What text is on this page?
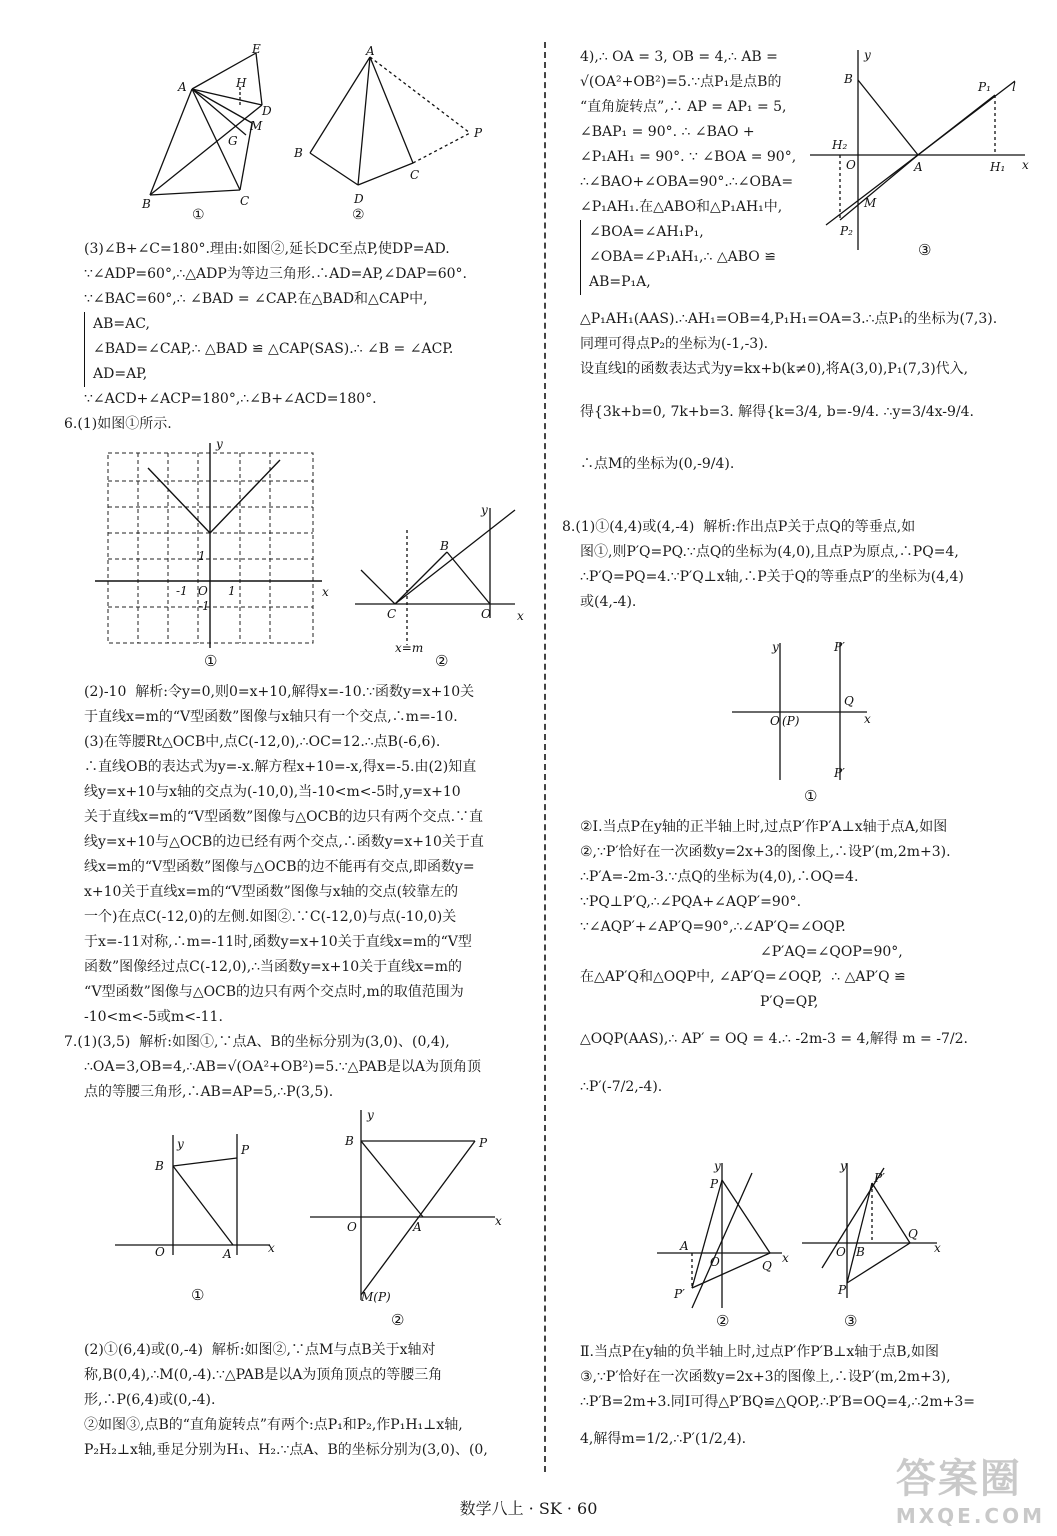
A
E
H
D
M
G
B	C
①
A
P
B
C
D
②

(3)∠B+∠C=180°.理由:如图②,延长DC至点P,使DP=AD.

∵∠ADP=60°,∴△ADP为等边三角形.∴AD=AP,∠DAP=60°.

∵∠BAC=60°,∴ ∠BAD = ∠CAP.在△BAD和△CAP中,

AB=AC,

∠BAD=∠CAP,∴ △BAD ≌ △CAP(SAS).∴ ∠B = ∠ACP.

AD=AP,

∵∠ACD+∠ACP=180°,∴∠B+∠ACD=180°.

6.(1)如图①所示.
y
x
O
-1	1
1
-1
①
y
B
C	O x
x=m
②

(2)-10  解析:令y=0,则0=x+10,解得x=-10.∵函数y=x+10关

于直线x=m的“V型函数”图像与x轴只有一个交点,∴m=-10.

(3)在等腰Rt△OCB中,点C(-12,0),∴OC=12.∴点B(-6,6).

∴直线OB的表达式为y=-x.解方程x+10=-x,得x=-5.由(2)知直

线y=x+10与x轴的交点为(-10,0),当-10<m<-5时,y=x+10

关于直线x=m的“V型函数”图像与△OCB的边只有两个交点.∵直

线y=x+10与△OCB的边已经有两个交点,∴函数y=x+10关于直

线x=m的“V型函数”图像与△OCB的边不能再有交点,即函数y=

x+10关于直线x=m的“V型函数”图像与x轴的交点(较靠左的

一个)在点C(-12,0)的左侧.如图②.∵C(-12,0)与点(-10,0)关

于x=-11对称,∴m=-11时,函数y=x+10关于直线x=m的“V型

函数”图像经过点C(-12,0),∴当函数y=x+10关于直线x=m的

“V型函数”图像与△OCB的边只有两个交点时,m的取值范围为

-10<m<-5或m<-11.

7.(1)(3,5)  解析:如图①,∵点A、B的坐标分别为(3,0)、(0,4),

∴OA=3,OB=4,∴AB=√(OA²+OB²)=5.∵△PAB是以A为顶角顶

点的等腰三角形,∴AB=AP=5,∴P(3,5).

y	P
B
O	A	x
①
y
B	P
O	A	x
M(P)
②

(2)①(6,4)或(0,-4)  解析:如图②,∵点M与点B关于x轴对

称,B(0,4),∴M(0,-4).∵△PAB是以A为顶角顶点的等腰三角

形,∴P(6,4)或(0,-4).

②如图③,点B的“直角旋转点”有两个:点P₁和P₂,作P₁H₁⊥x轴,

P₂H₂⊥x轴,垂足分别为H₁、H₂.∵点A、B的坐标分别为(3,0)、(0,

4),∴ OA = 3, OB = 4,∴ AB =

√(OA²+OB²)=5.∵点P₁是点B的

“直角旋转点”,∴ AP = AP₁ = 5,

∠BAP₁ = 90°. ∴ ∠BAO +

∠P₁AH₁ = 90°. ∵ ∠BOA = 90°,

∴∠BAO+∠OBA=90°.∴∠OBA=

∠P₁AH₁.在△ABO和△P₁AH₁中,

∠BOA=∠AH₁P₁,

∠OBA=∠P₁AH₁,∴ △ABO ≌

AB=P₁A,

y
B
P₁ l
H₂
O	A	H₁ x
M
P₂
③

△P₁AH₁(AAS).∴AH₁=OB=4,P₁H₁=OA=3.∴点P₁的坐标为(7,3).

同理可得点P₂的坐标为(-1,-3).

设直线l的函数表达式为y=kx+b(k≠0),将A(3,0),P₁(7,3)代入,

得{3k+b=0, 7k+b=3. 解得{k=3/4, b=-9/4. ∴y=3/4x-9/4.

∴点M的坐标为(0,-9/4).

8.(1)①(4,4)或(4,-4)  解析:作出点P关于点Q的等垂点,如

图①,则P′Q=PQ.∵点Q的坐标为(4,0),且点P为原点,∴PQ=4,

∴P′Q=PQ=4.∵P′Q⊥x轴,∴P关于Q的等垂点P′的坐标为(4,4)

或(4,-4).

y	P′
Q
O (P)	x
P′
①

②Ⅰ.当点P在y轴的正半轴上时,过点P′作P′A⊥x轴于点A,如图

②,∵P′恰好在一次函数y=2x+3的图像上,∴设P′(m,2m+3).

∴P′A=-2m-3.∵点Q的坐标为(4,0),∴OQ=4.

∵PQ⊥P′Q,∴∠PQA+∠AQP′=90°.

∵∠AQP′+∠AP′Q=90°,∴∠AP′Q=∠OQP.

∠P′AQ=∠QOP=90°,

在△AP′Q和△OQP中, ∠AP′Q=∠OQP,  ∴ △AP′Q ≌

P′Q=QP,

△OQP(AAS),∴ AP′ = OQ = 4.∴ -2m-3 = 4,解得 m = -7/2.

∴P′(-7/2,-4).

y
P
A
O	Q
x
P′
②
y
P′
O B
Q
x
P
③

Ⅱ.当点P在y轴的负半轴上时,过点P′作P′B⊥x轴于点B,如图

③,∵P′恰好在一次函数y=2x+3的图像上,∴设P′(m,2m+3),

∴P′B=2m+3.同Ⅰ可得△P′BQ≌△QOP,∴P′B=OQ=4,∴2m+3=

4,解得m=1/2,∴P′(1/2,4).

数学八上 · SK · 60
答案圈
MXQE.COM
